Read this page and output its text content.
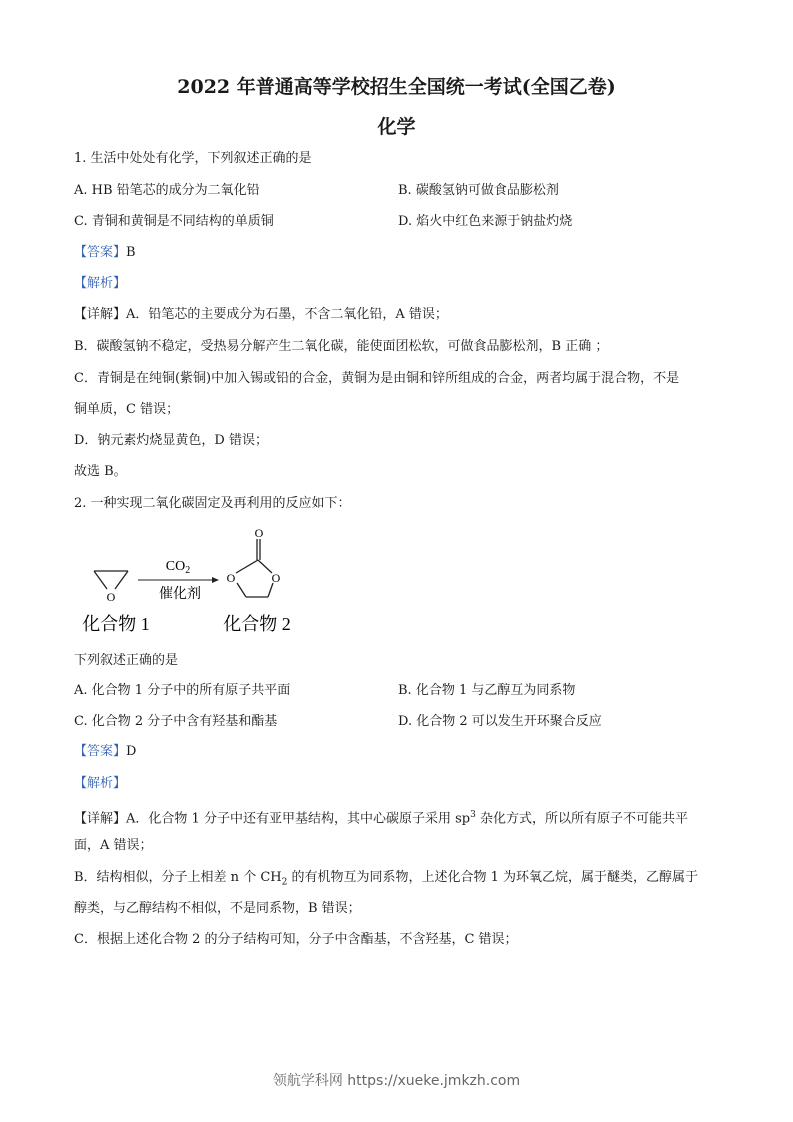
2022 年普通高等学校招生全国统一考试(全国乙卷)
化学
1. 生活中处处有化学，下列叙述正确的是
A. HB 铅笔芯的成分为二氧化铅	B. 碳酸氢钠可做食品膨松剂
C. 青铜和黄铜是不同结构的单质铜	D. 焰火中红色来源于钠盐灼烧
【答案】B
【解析】
【详解】A．铅笔芯的主要成分为石墨，不含二氧化铅，A 错误；
B．碳酸氢钠不稳定，受热易分解产生二氧化碳，能使面团松软，可做食品膨松剂，B 正确 ；
C．青铜是在纯铜(紫铜)中加入锡或铅的合金，黄铜为是由铜和锌所组成的合金，两者均属于混合物，不是
铜单质，C 错误；
D．钠元素灼烧显黄色，D 错误；
故选 B。
2. 一种实现二氧化碳固定及再利用的反应如下：
O
$CO_2$
催化剂
O
O	O
化合物 1	化合物 2
下列叙述正确的是
A. 化合物 1 分子中的所有原子共平面	B. 化合物 1 与乙醇互为同系物
C. 化合物 2 分子中含有羟基和酯基	D. 化合物 2 可以发生开环聚合反应
【答案】D
【解析】
【详解】A．化合物 1 分子中还有亚甲基结构，其中心碳原子采用 $sp^3$ 杂化方式，所以所有原子不可能共平
面，A 错误；
B．结构相似，分子上相差 n 个 $CH_2$ 的有机物互为同系物，上述化合物 1 为环氧乙烷，属于醚类，乙醇属于
醇类，与乙醇结构不相似，不是同系物，B 错误；
C．根据上述化合物 2 的分子结构可知，分子中含酯基，不含羟基，C 错误；
领航学科网 https://xueke.jmkzh.com
